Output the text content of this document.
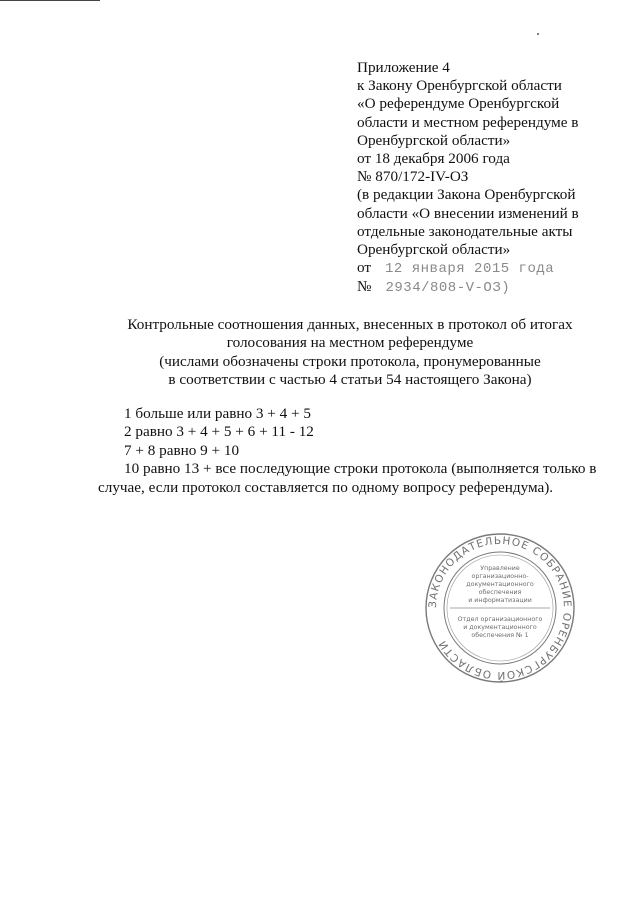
Приложение 4
к Закону Оренбургской области
«О референдуме Оренбургской
области и местном референдуме в
Оренбургской области»
от 18 декабря 2006 года
№ 870/172-IV-ОЗ
(в редакции Закона Оренбургской
области «О внесении изменений в
отдельные законодательные акты
Оренбургской области»
от 12 января 2015 года
№ 2934/808-V-ОЗ)
Контрольные соотношения данных, внесенных в протокол об итогах
голосования на местном референдуме
(числами обозначены строки протокола, пронумерованные
в соответствии с частью 4 статьи 54 настоящего Закона)
1 больше или равно 3 + 4 + 5
2 равно 3 + 4 + 5 + 6 + 11 - 12
7 + 8 равно 9 + 10
10 равно 13 + все последующие строки протокола (выполняется только в
случае, если протокол составляется по одному вопросу референдума).
ЗАКОНОДАТЕЛЬНОЕ СОБРАНИЕ ОРЕНБУРГСКОЙ ОБЛАСТИ
Управление
организационно-
документационного
обеспечения
и информатизации
Отдел организационного
и документационного
обеспечения № 1
